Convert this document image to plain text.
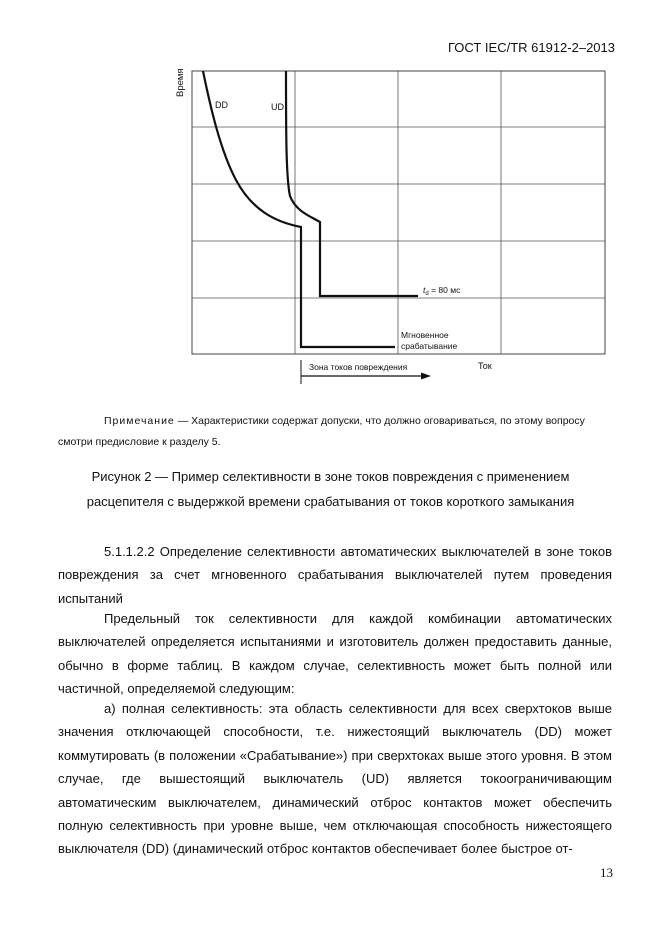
ГОСТ IEC/TR 61912-2–2013
Время
DD	UD
$t_d = 80$ мс
Мгновенное
срабатывание
Ток
Зона токов повреждения
Примечание — Характеристики содержат допуски, что должно оговариваться, по этому вопросу смотри предисловие к разделу 5.
Рисунок 2 — Пример селективности в зоне токов повреждения с применением
расцепителя с выдержкой времени срабатывания от токов короткого замыкания
5.1.1.2.2 Определение селективности автоматических выключателей в зоне токов повреждения за счет мгновенного срабатывания выключателей путем проведения испытаний
Предельный ток селективности для каждой комбинации автоматических выключателей определяется испытаниями и изготовитель должен предоставить данные, обычно в форме таблиц. В каждом случае, селективность может быть полной или частичной, определяемой следующим:
а) полная селективность: эта область селективности для всех сверхтоков выше значения отключающей способности, т.е. нижестоящий выключатель (DD) может коммутировать (в положении «Срабатывание») при сверхтоках выше этого уровня. В этом случае, где вышестоящий выключатель (UD) является токоограничивающим автоматическим выключателем, динамический отброс контактов может обеспечить полную селективность при уровне выше, чем отключающая способность нижестоящего выключателя (DD) (динамический отброс контактов обеспечивает более быстрое от-
13
